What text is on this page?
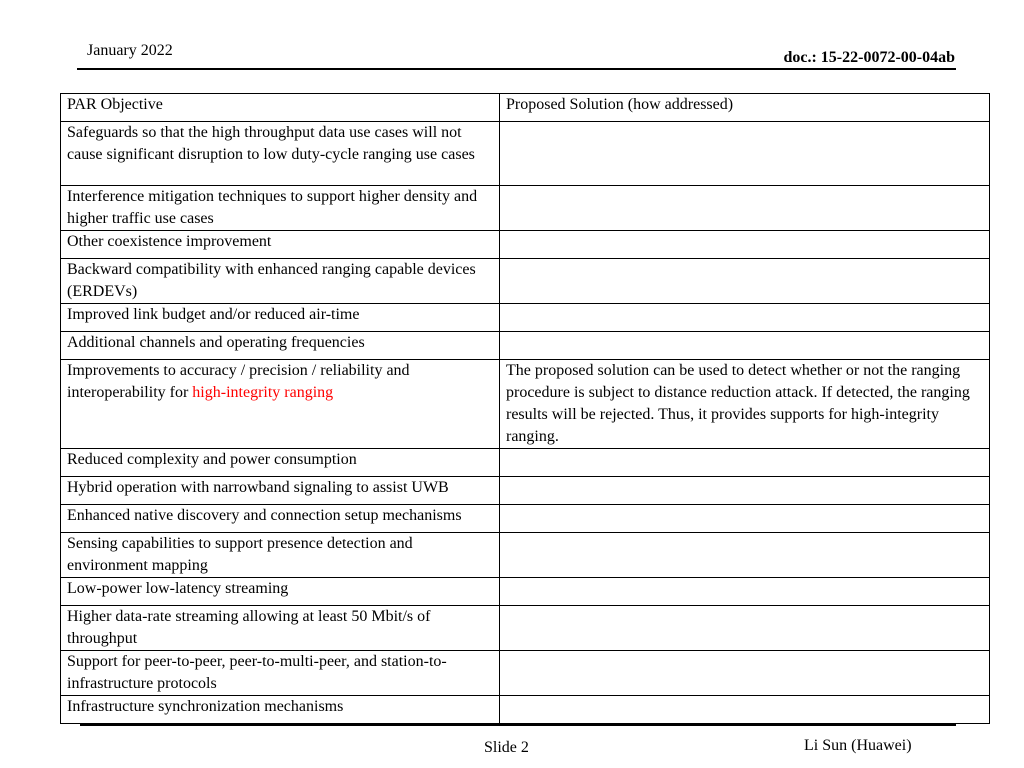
January 2022	doc.: 15-22-0072-00-04ab
PAR Objective	Proposed Solution (how addressed)
Safeguards so that the high throughput data use cases will not cause significant disruption to low duty-cycle ranging use cases	
Interference mitigation techniques to support higher density and higher traffic use cases	
Other coexistence improvement	
Backward compatibility with enhanced ranging capable devices (ERDEVs)	
Improved link budget and/or reduced air-time	
Additional channels and operating frequencies	
Improvements to accuracy / precision / reliability and interoperability for high-integrity ranging	The proposed solution can be used to detect whether or not the ranging procedure is subject to distance reduction attack. If detected, the ranging results will be rejected. Thus, it provides supports for high-integrity ranging.
Reduced complexity and power consumption	
Hybrid operation with narrowband signaling to assist UWB	
Enhanced native discovery and connection setup mechanisms	
Sensing capabilities to support presence detection and environment mapping	
Low-power low-latency streaming	
Higher data-rate streaming allowing at least 50 Mbit/s of throughput	
Support for peer-to-peer, peer-to-multi-peer, and station-to-infrastructure protocols	
Infrastructure synchronization mechanisms	
Slide 2	Li Sun (Huawei)
